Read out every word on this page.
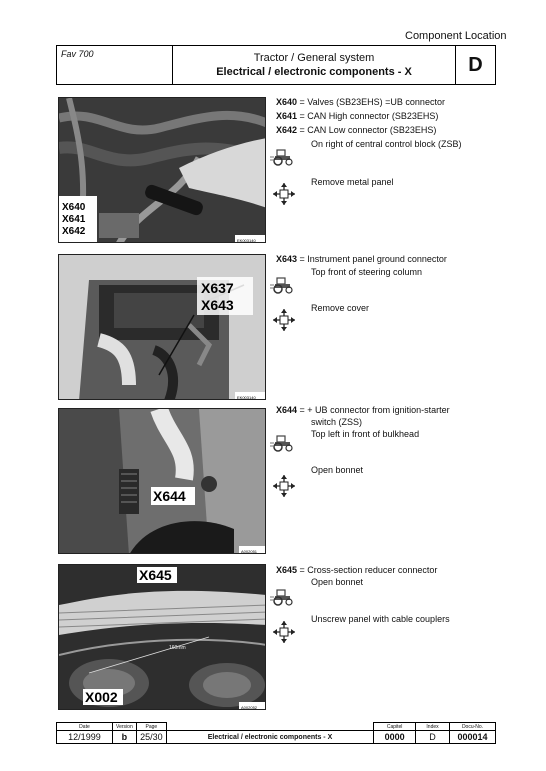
Component Location
Fav 700	Tractor / General system
Electrical / electronic components - X	D
X640
X641
X642
EK003140
X640 = Valves (SB23EHS) =UB connector
X641 = CAN High connector (SB23EHS)
X642 = CAN Low connector (SB23EHS)
On right of central control block (ZSB)
Remove metal panel
X637
X643
EK003140
X643 = Instrument panel ground connector
Top front of steering column
Remove cover
X644
A002051
X644 = + UB connector from ignition-starter
switch (ZSS)
Top left in front of bulkhead
Open bonnet
160mm
X645
X002
A002052
X645 = Cross-section reducer connector
Open bonnet
Unscrew panel with cable couplers
Date	Version	Page		Capitel	Index	Docu-No.
12/1999	b	25/30	Electrical / electronic components - X	0000	D	000014
